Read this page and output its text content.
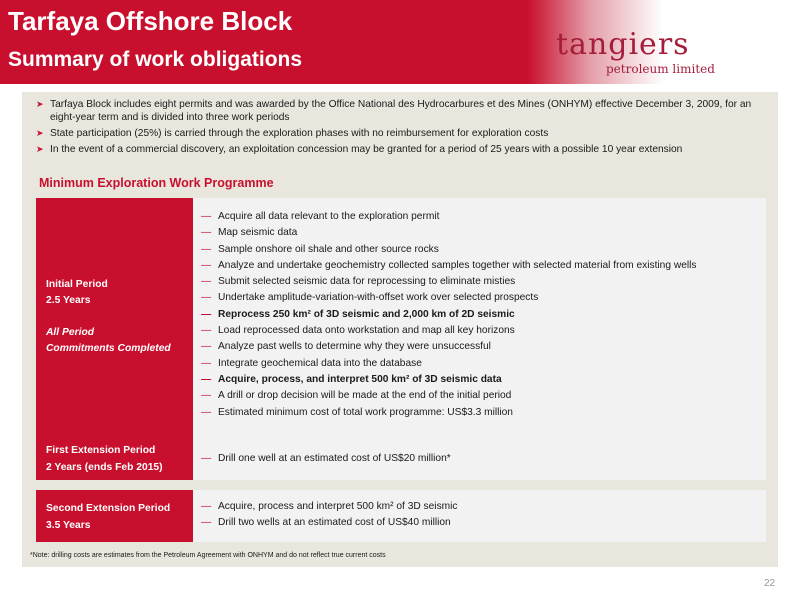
Tarfaya Offshore Block
Summary of work obligations	tangiers
petroleum limited
➤ Tarfaya Block includes eight permits and was awarded by the Office National des Hydrocarbures et des Mines (ONHYM) effective December 3, 2009, for an eight-year term and is divided into three work periods
➤ State participation (25%) is carried through the exploration phases with no reimbursement for exploration costs
➤ In the event of a commercial discovery, an exploitation concession may be granted for a period of 25 years with a possible 10 year extension
Minimum Exploration Work Programme
Initial Period
2.5 Years
All Period
Commitments Completed
— Acquire all data relevant to the exploration permit
— Map seismic data
— Sample onshore oil shale and other source rocks
— Analyze and undertake geochemistry collected samples together with selected material from existing wells
— Submit selected seismic data for reprocessing to eliminate misties
— Undertake amplitude-variation-with-offset work over selected prospects
— Reprocess 250 km² of 3D seismic and 2,000 km of 2D seismic
— Load reprocessed data onto workstation and map all key horizons
— Analyze past wells to determine why they were unsuccessful
— Integrate geochemical data into the database
— Acquire, process, and interpret 500 km² of 3D seismic data
— A drill or drop decision will be made at the end of the initial period
— Estimated minimum cost of total work programme: US$3.3 million
First Extension Period
2 Years (ends Feb 2015)
— Drill one well at an estimated cost of US$20 million*
Second Extension Period
3.5 Years
— Acquire, process and interpret 500 km² of 3D seismic
— Drill two wells at an estimated cost of US$40 million
*Note: drilling costs are estimates from the Petroleum Agreement with ONHYM and do not reflect true current costs
22
